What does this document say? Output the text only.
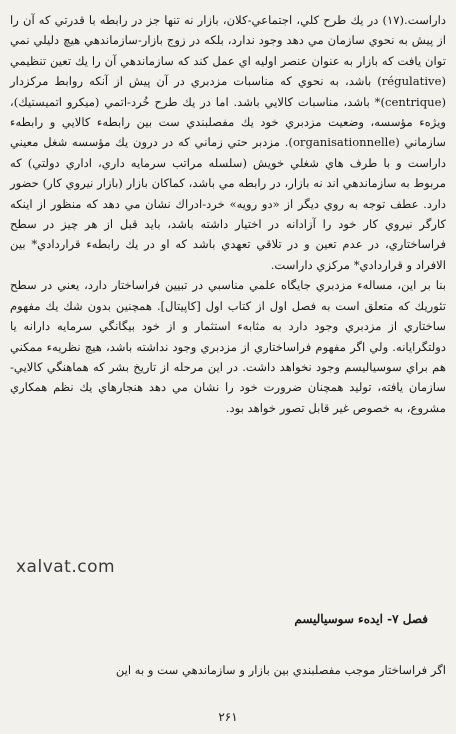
داراست.(۱۷) در يك طرح كلي، اجتماعي-كلان، بازار نه تنها جز در رابطه با قدرتي كه آن را از پيش به نحوي سازمان مي دهد وجود ندارد، بلكه در زوج بازار-سازماندهي هيچ دليلي نمي توان يافت كه بازار به عنوان عنصر اوليه اي عمل كند كه سازماندهي آن را يك تعين تنظيمي (régulative) باشد، به نحوي كه مناسبات مزدبري در آن پيش از آنكه روابط مركزدار (centrique)* باشد، مناسبات كالايي باشد. اما در يك طرح خُرد-اتمي (ميكرو اتميستيك)، ويژهء مؤسسه، وضعيت مزدبري خود يك مفصلبندي ست بين رابطهء كالايي و رابطهء سازماني (organisationnelle). مزدبر حتي زماني كه در درون يك مؤسسه شغل معيني داراست و با طرف هاي شغلي خويش (سلسله مراتب سرمايه داري، اداري دولتي) كه مربوط به سازماندهي اند نه بازار، در رابطه مي باشد، كماكان بازار (بازار نيروي كار) حضور دارد. عطف توجه به روي ديگر از «دو رويه» خرد-ادراك نشان مي دهد كه منظور از اينكه كارگر نيروي كار خود را آزادانه در اختيار داشته باشد، بايد قبل از هر چيز در سطح فراساختاري، در عدم تعين و در تلاقي تعهدي باشد كه او در يك رابطهء قراردادي* بين الافراد و قراردادي* مركزي داراست.

بنا بر اين، مسالهء مزدبري جايگاه علمي مناسبي در تبيين فراساختار دارد، يعني در سطح تئوريك كه متعلق است به فصل اول از كتاب اول [كاپيتال]. همچنين بدون شك يك مفهوم ساختاري از مزدبري وجود دارد به مثابهء استثمار و از خود بيگانگي سرمايه دارانه يا دولتگرايانه. ولي اگر مفهوم فراساختاري از مزدبري وجود نداشته باشد، هيچ نظريهء ممكني هم براي سوسياليسم وجود نخواهد داشت. در اين مرحله از تاريخ بشر كه هماهنگي كالايي-سازمان يافته، توليد همچنان ضرورت خود را نشان مي دهد هنجارهاي يك نظم همكاري مشروع، به خصوص غير قابل تصور خواهد بود.

xalvat.com
فصل ۷- ايدهء سوسياليسم
اگر فراساختار موجب مفصلبندي بين بازار و سازماندهي ست و به اين
۲۶۱
